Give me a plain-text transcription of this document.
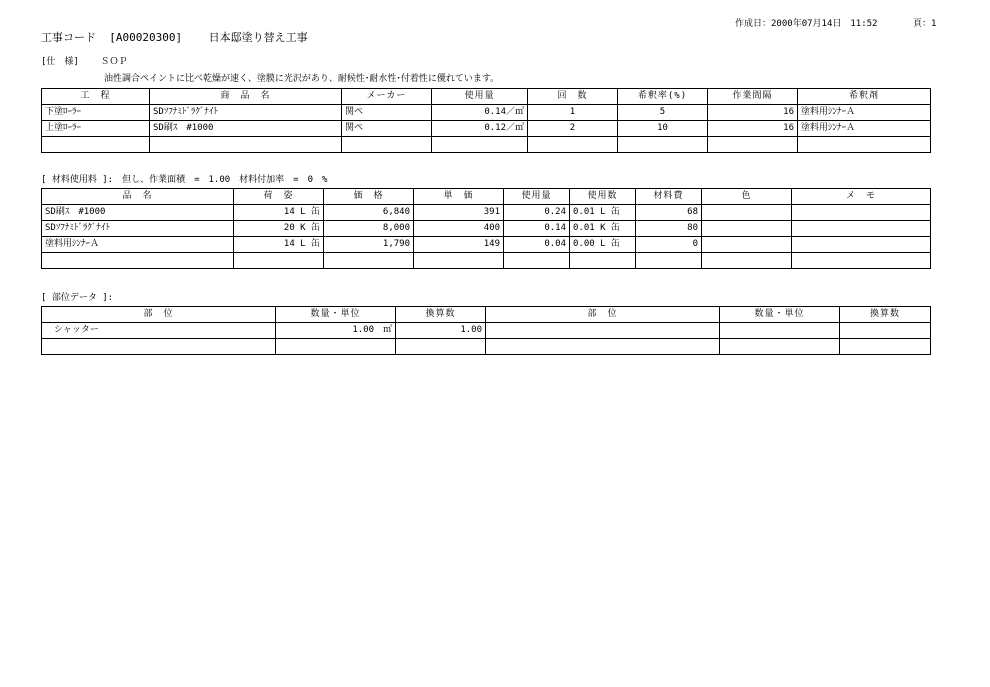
作成日：2000年07月14日　11:52	頁：1
工事コード [A00020300] 日本邸塗り替え工事
[仕　様] ＳＯＰ
油性調合ペイントに比べ乾燥が速く、塗膜に光沢があり、耐候性･耐水性･付着性に優れています。
工　程	商　品　名	メーカー	使用量	回　数	希釈率(%)	作業間隔	希釈剤
下塗ﾛｰﾗｰ	SDｿﾌﾅﾐﾄﾞﾗｸﾞﾅｲﾄ	関ペ	0.14／㎡	1	5	16	塗料用ｼﾝﾅｰＡ
上塗ﾛｰﾗｰ	SD刷ｽ　#1000	関ペ	0.12／㎡	2	10	16	塗料用ｼﾝﾅｰＡ

[ 材料使用料 ]:　但し、作業面積　=　1.00　材料付加率　=　0　%
品　名	荷　姿	価　格	単　価	使用量	使用数	材料費	色	メ　モ
SD刷ｽ　#1000	14 L 缶	6,840	391	0.24	0.01 L 缶	68		
SDｿﾌﾅﾐﾄﾞﾗｸﾞﾅｲﾄ	20 K 缶	8,000	400	0.14	0.01 K 缶	80		
塗料用ｼﾝﾅｰＡ	14 L 缶	1,790	149	0.04	0.00 L 缶	0		

[ 部位データ ]:
部　位	数量・単位	換算数	部　位	数量・単位	換算数
　シャッター	1.00　㎡	1.00			
